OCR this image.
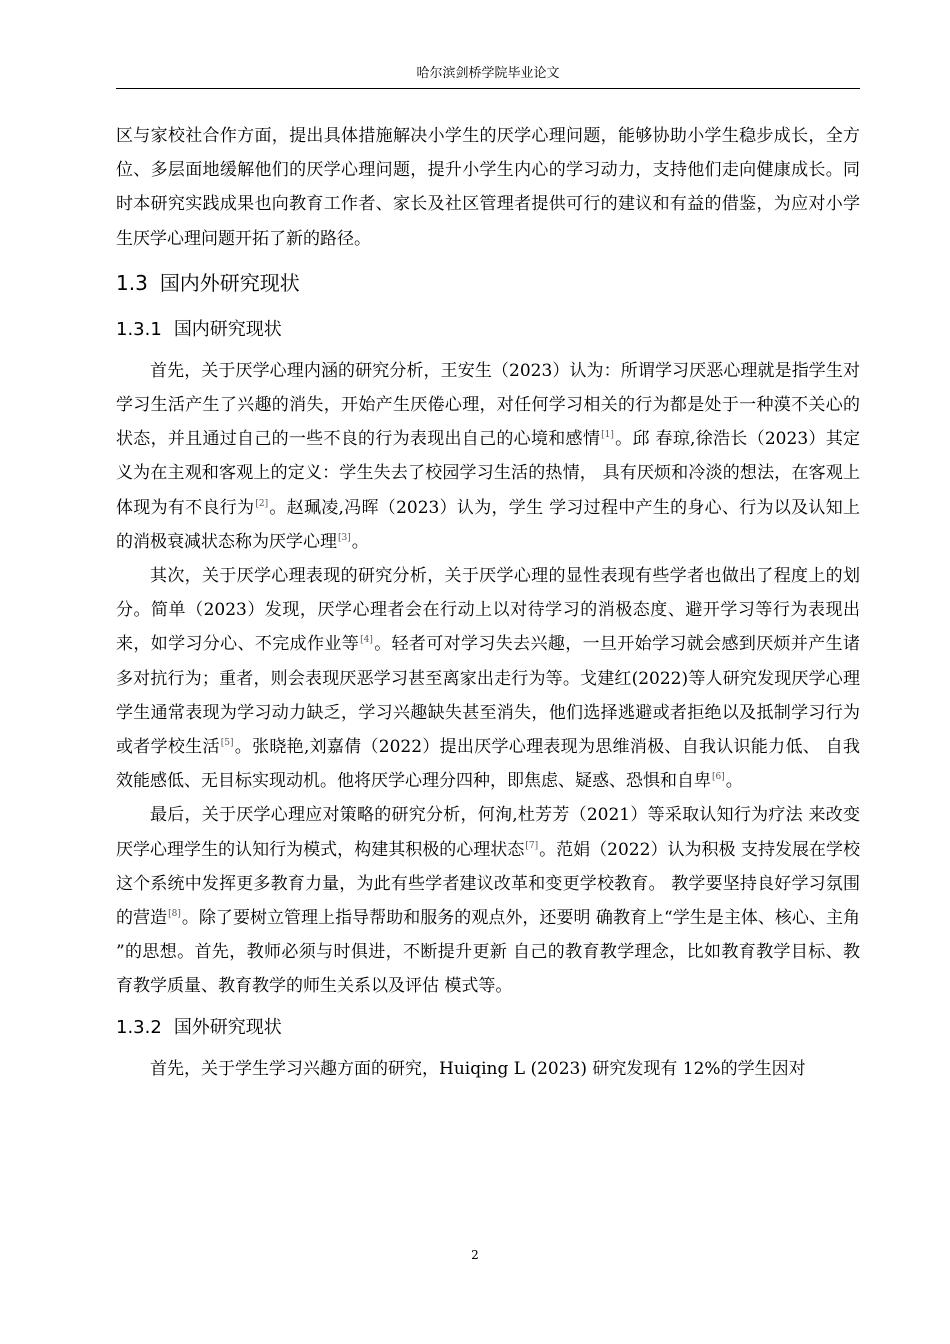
哈尔滨剑桥学院毕业论文

区与家校社合作方面，提出具体措施解决小学生的厌学心理问题，能够协助小学生稳步成长，全方位、多层面地缓解他们的厌学心理问题，提升小学生内心的学习动力，支持他们走向健康成长。同时本研究实践成果也向教育工作者、家长及社区管理者提供可行的建议和有益的借鉴，为应对小学生厌学心理问题开拓了新的路径。

1.3 国内外研究现状
1.3.1 国内研究现状

首先，关于厌学心理内涵的研究分析，王安生（2023）认为：所谓学习厌恶心理就是指学生对学习生活产生了兴趣的消失，开始产生厌倦心理，对任何学习相关的行为都是处于一种漠不关心的状态，并且通过自己的一些不良的行为表现出自己的心境和感情[1]。邱 春琼,徐浩长（2023）其定义为在主观和客观上的定义：学生失去了校园学习生活的热情， 具有厌烦和冷淡的想法，在客观上体现为有不良行为[2]。赵珮凌,冯晖（2023）认为，学生 学习过程中产生的身心、行为以及认知上的消极衰减状态称为厌学心理[3]。

其次，关于厌学心理表现的研究分析，关于厌学心理的显性表现有些学者也做出了程度上的划分。简单（2023）发现，厌学心理者会在行动上以对待学习的消极态度、避开学习等行为表现出来，如学习分心、不完成作业等[4]。轻者可对学习失去兴趣，一旦开始学习就会感到厌烦并产生诸多对抗行为；重者，则会表现厌恶学习甚至离家出走行为等。戈建红(2022)等人研究发现厌学心理学生通常表现为学习动力缺乏，学习兴趣缺失甚至消失，他们选择逃避或者拒绝以及抵制学习行为或者学校生活[5]。张晓艳,刘嘉倩（2022）提出厌学心理表现为思维消极、自我认识能力低、 自我效能感低、无目标实现动机。他将厌学心理分四种，即焦虑、疑惑、恐惧和自卑[6]。

最后，关于厌学心理应对策略的研究分析，何洵,杜芳芳（2021）等采取认知行为疗法 来改变厌学心理学生的认知行为模式，构建其积极的心理状态[7]。范娟（2022）认为积极 支持发展在学校这个系统中发挥更多教育力量，为此有些学者建议改革和变更学校教育。 教学要坚持良好学习氛围的营造[8]。除了要树立管理上指导帮助和服务的观点外，还要明 确教育上“学生是主体、核心、主角 ”的思想。首先，教师必须与时俱进，不断提升更新 自己的教育教学理念，比如教育教学目标、教育教学质量、教育教学的师生关系以及评估 模式等。

1.3.2 国外研究现状

首先，关于学生学习兴趣方面的研究，Huiqing L (2023) 研究发现有 12%的学生因对

2
